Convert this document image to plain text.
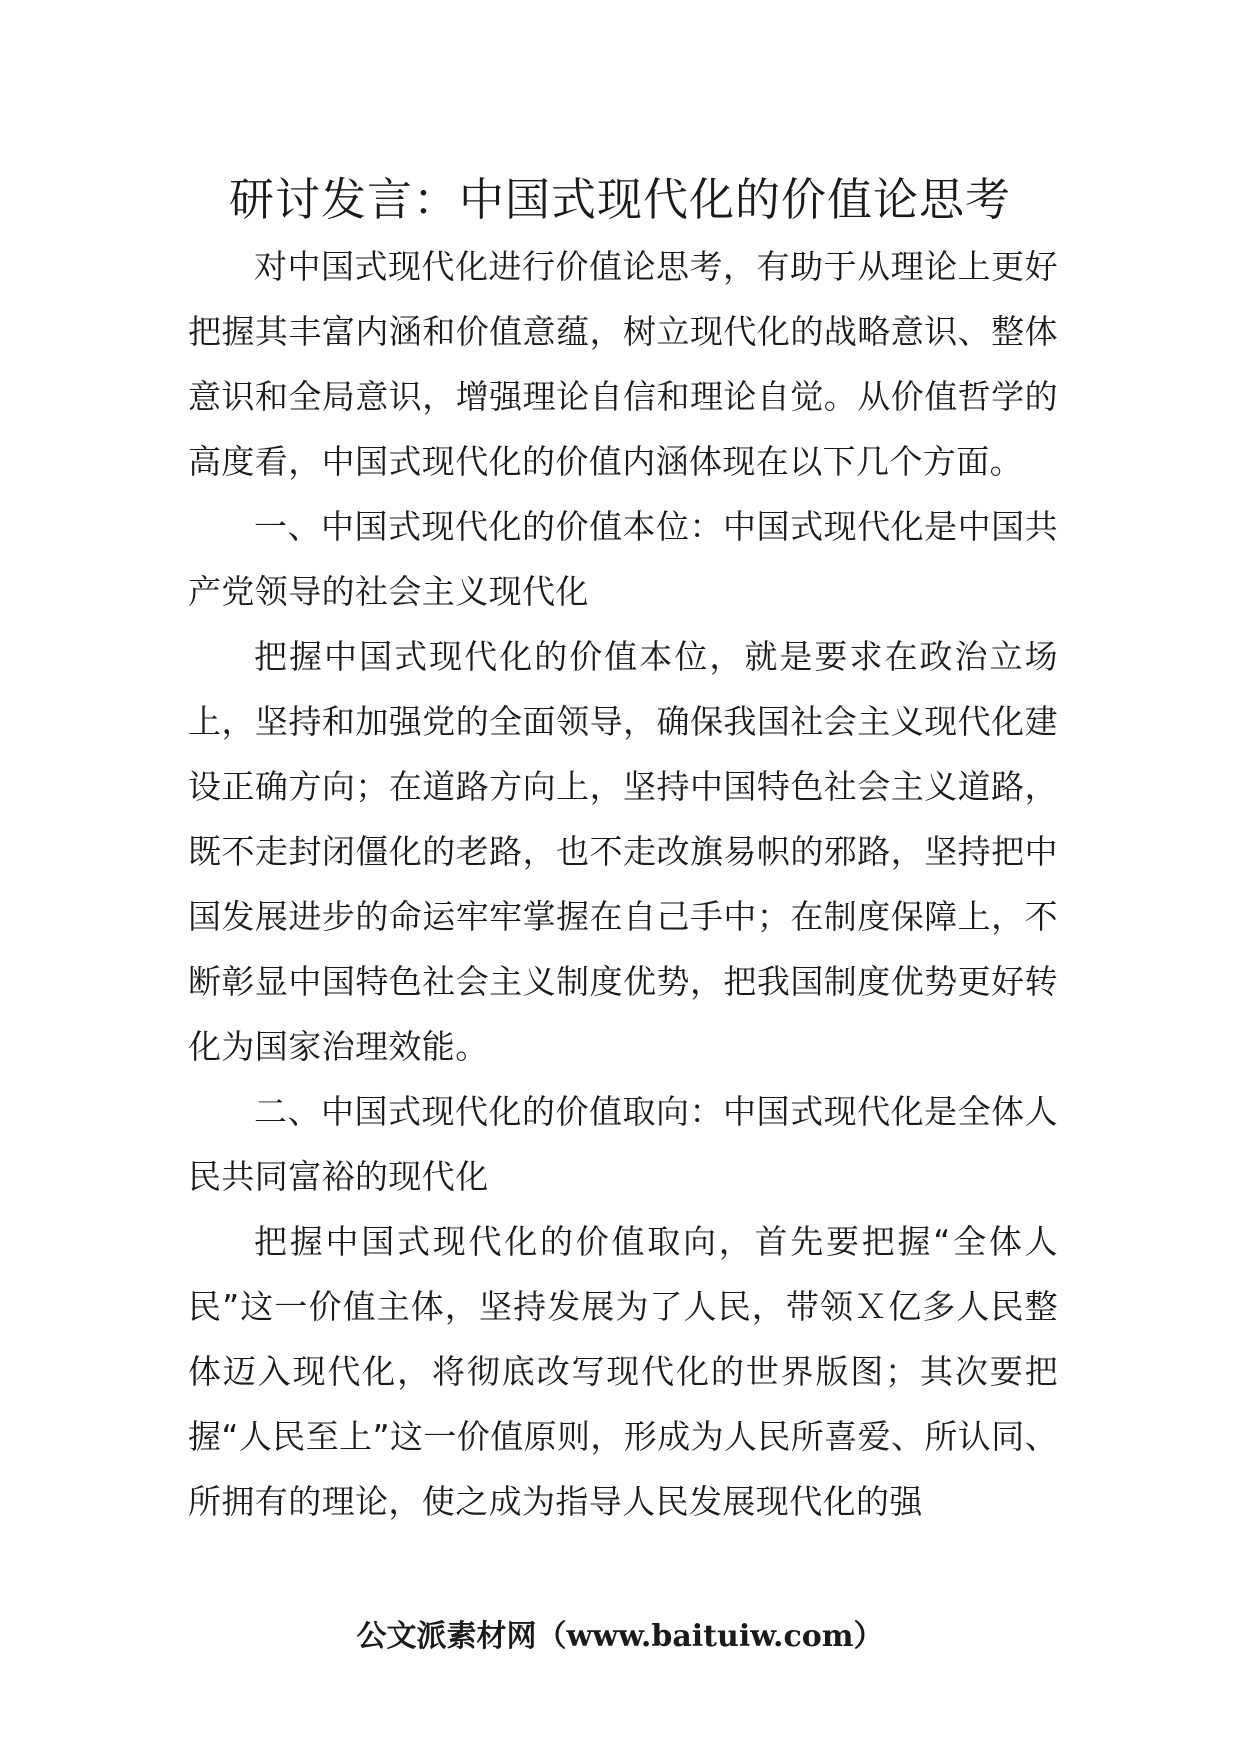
研讨发言：中国式现代化的价值论思考

对中国式现代化进行价值论思考，有助于从理论上更好把握其丰富内涵和价值意蕴，树立现代化的战略意识、整体意识和全局意识，增强理论自信和理论自觉。从价值哲学的高度看，中国式现代化的价值内涵体现在以下几个方面。

一、中国式现代化的价值本位：中国式现代化是中国共产党领导的社会主义现代化

把握中国式现代化的价值本位，就是要求在政治立场上，坚持和加强党的全面领导，确保我国社会主义现代化建设正确方向；在道路方向上，坚持中国特色社会主义道路，既不走封闭僵化的老路，也不走改旗易帜的邪路，坚持把中国发展进步的命运牢牢掌握在自己手中；在制度保障上，不断彰显中国特色社会主义制度优势，把我国制度优势更好转化为国家治理效能。

二、中国式现代化的价值取向：中国式现代化是全体人民共同富裕的现代化

把握中国式现代化的价值取向，首先要把握“全体人民”这一价值主体，坚持发展为了人民，带领Ｘ亿多人民整体迈入现代化，将彻底改写现代化的世界版图；其次要把握“人民至上”这一价值原则，形成为人民所喜爱、所认同、所拥有的理论，使之成为指导人民发展现代化的强

公文派素材网（www.baituiw.com）
